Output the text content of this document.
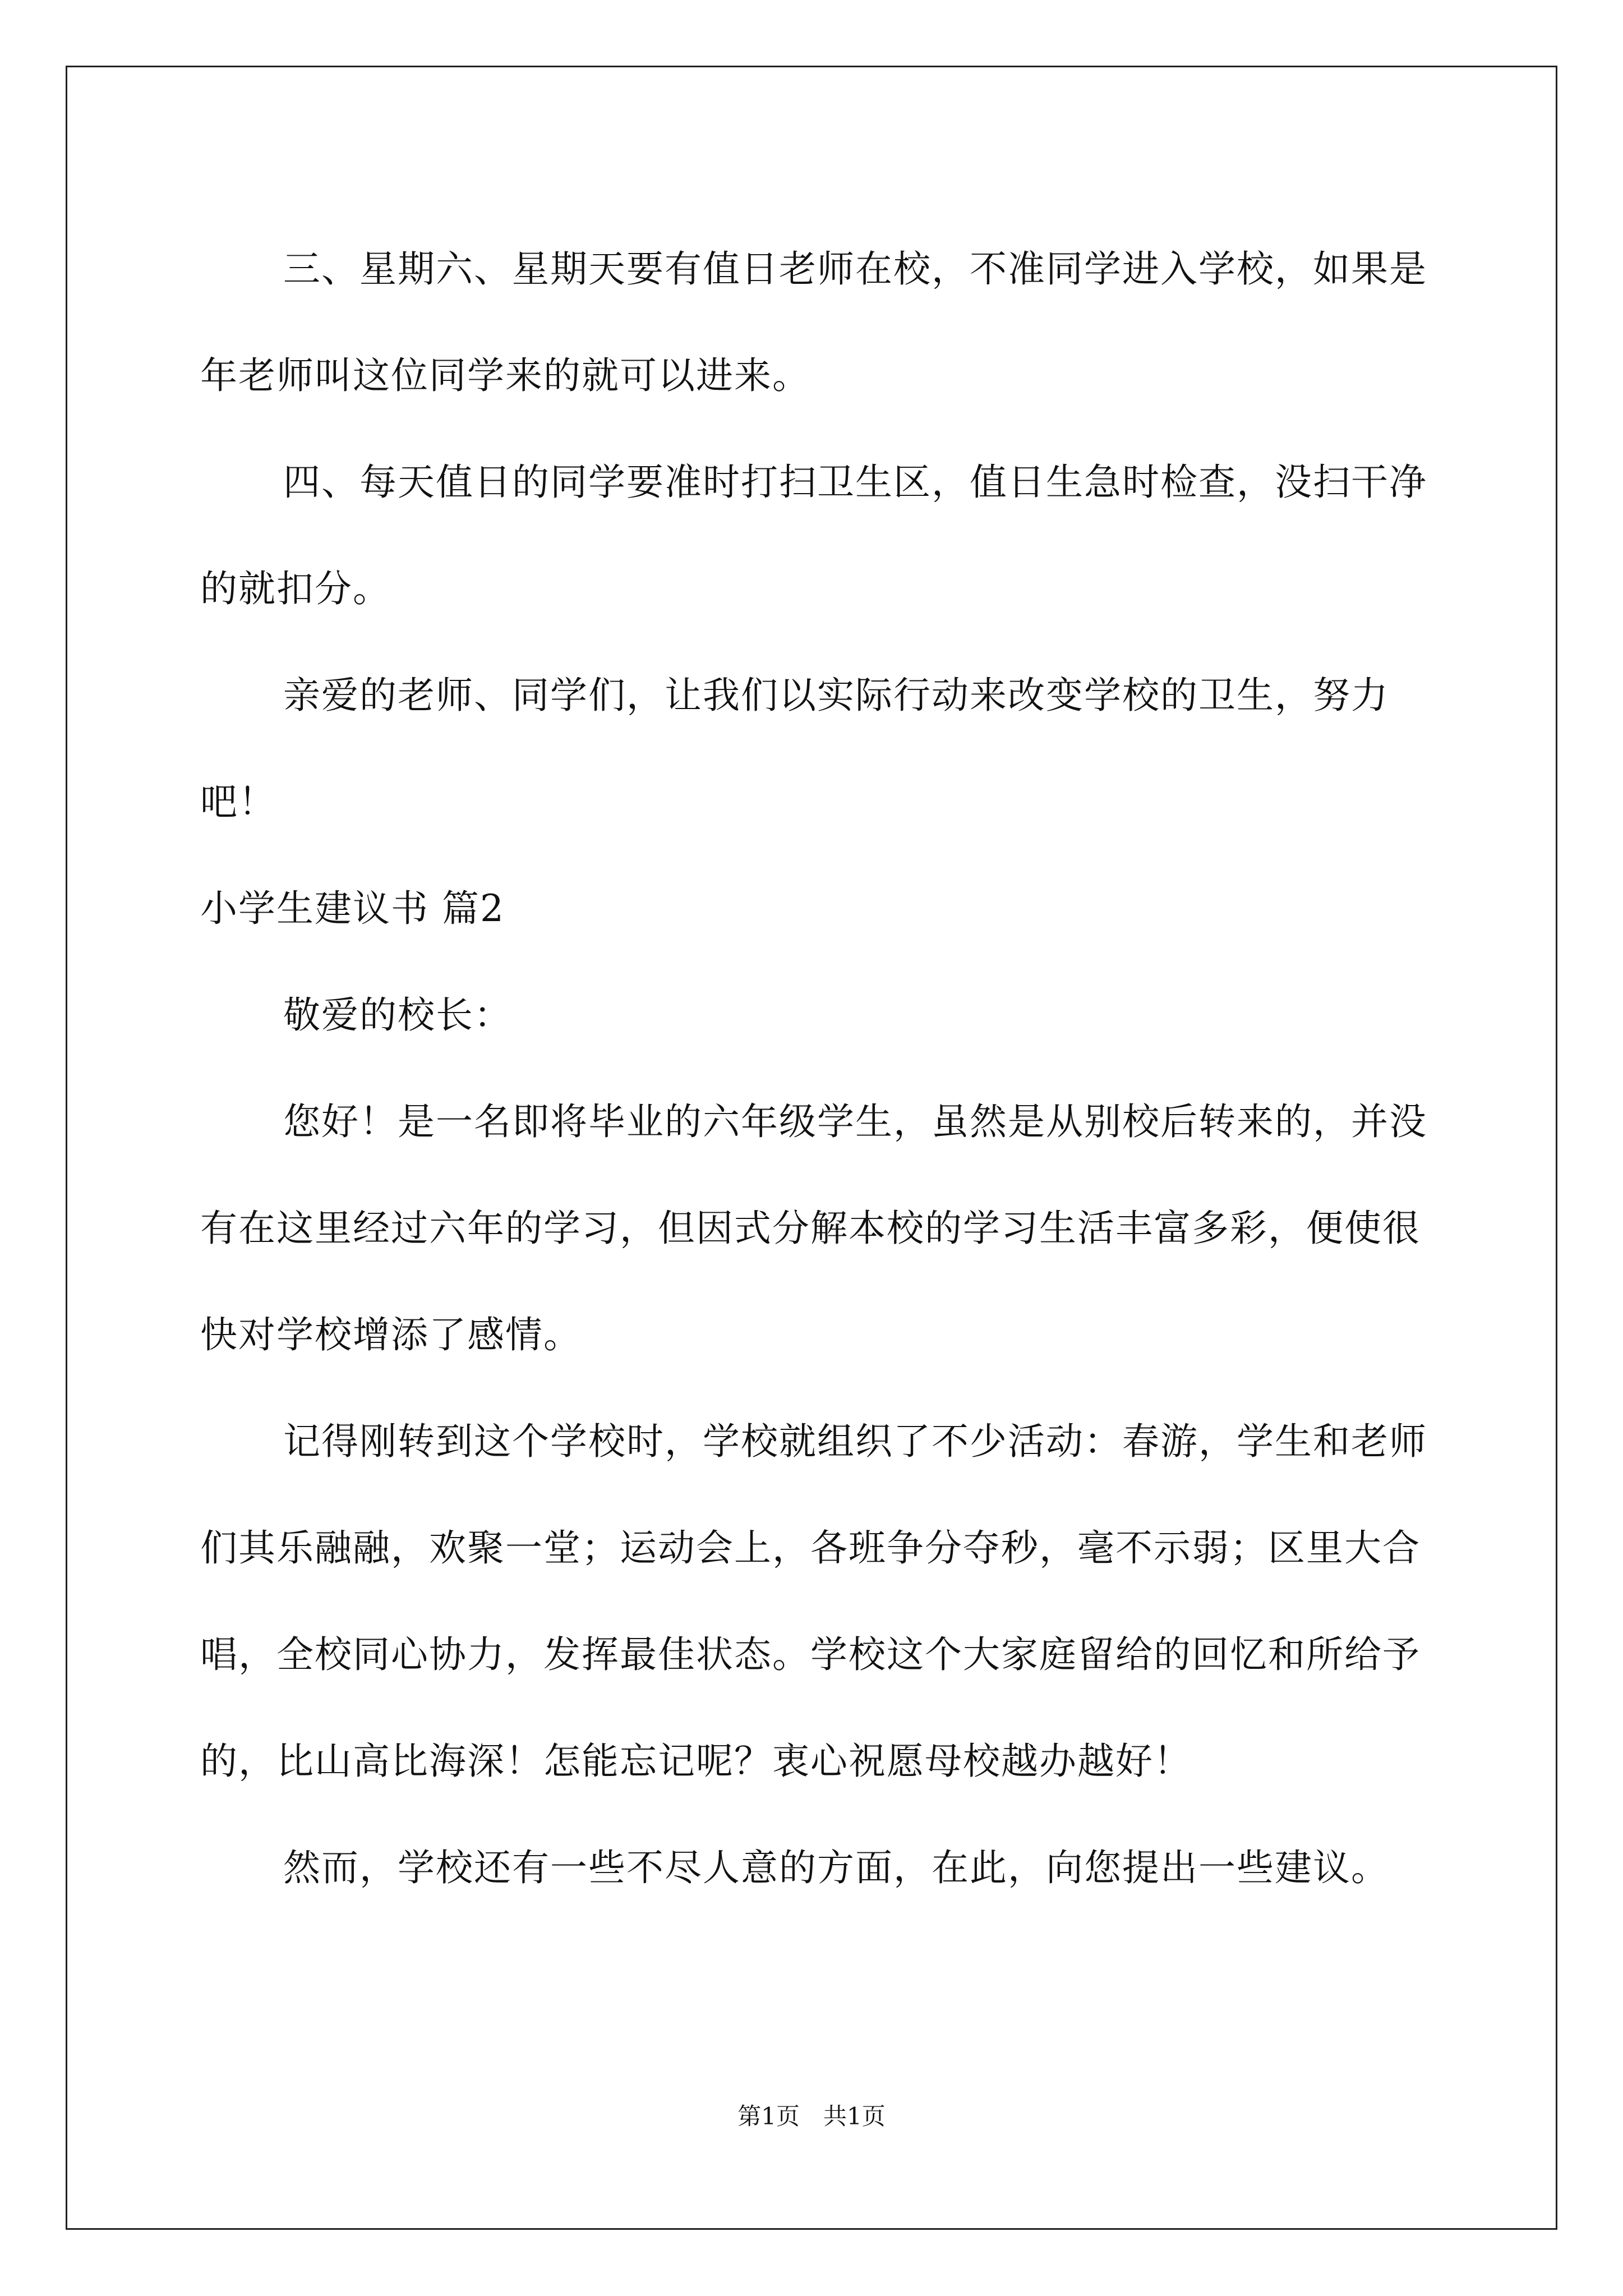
三、星期六、星期天要有值日老师在校，不准同学进入学校，如果是年老师叫这位同学来的就可以进来。

四、每天值日的同学要准时打扫卫生区，值日生急时检查，没扫干净的就扣分。

亲爱的老师、同学们，让我们以实际行动来改变学校的卫生，努力吧！

小学生建议书 篇2

敬爱的校长：

您好！是一名即将毕业的六年级学生，虽然是从别校后转来的，并没有在这里经过六年的学习，但因式分解本校的学习生活丰富多彩，便使很快对学校增添了感情。

记得刚转到这个学校时，学校就组织了不少活动：春游，学生和老师们其乐融融，欢聚一堂；运动会上，各班争分夺秒，毫不示弱；区里大合唱，全校同心协力，发挥最佳状态。学校这个大家庭留给的回忆和所给予的，比山高比海深！怎能忘记呢？衷心祝愿母校越办越好！

然而，学校还有一些不尽人意的方面，在此，向您提出一些建议。

第1页　共1页
